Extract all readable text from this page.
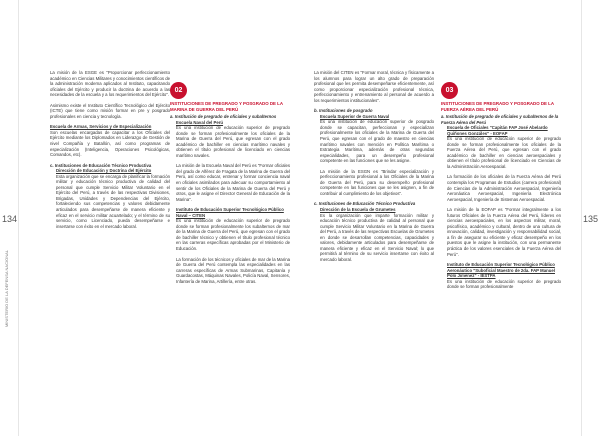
134
MINISTERIO DE LA DEFENSA NACIONAL

La misión de la ESGE es "Proporcionar perfeccionamiento académico en Ciencias Militares y conocimientos científicos de la administración moderna aplicados al Instituto, capacitando oficiales del Ejército y producir la doctrina de acuerdo a las necesidades de la escuela y a los requerimientos del Ejército".

Asimismo existe el Instituto Científico Tecnológico del Ejército (ICTE) que tiene como misión formar en pre y posgrado profesionales en ciencia y tecnología.

Escuela de Armas, Servicios y de Especialización

Son escuelas encargadas de capacitar a los Oficiales del Ejército mediante los Diplomados en Liderazgo de Gestión de nivel Compañía y Batallón, así como programas de especialización (Inteligencia, Operaciones Psicológicas, Comandos, etc).

c. Instituciones de Educación Técnico Productiva
Dirección de Educación y Doctrina del Ejército

Esta organización que se encarga de planificar la formación militar y educación técnico productiva de calidad del personal que cumple Servicio Militar Voluntario en el Ejército del Perú, a través de las respectivas Divisiones, Brigadas, Unidades y Dependencias del Ejército, fortaleciendo sus competencias y valores debidamente articulados para desempeñarse de manera eficiente y eficaz en el servicio militar acuartelado; y el término de su servicio, como Licenciado, pueda desempeñarse e insertarse con éxito en el mercado laboral.

02
INSTITUCIONES DE PREGRADO Y POSGRADO DE LA MARINA DE GUERRA DEL PERÚ
a. Institución de pregrado de oficiales y subalternos
Escuela Naval del Perú

Es una institución de educación superior de pregrado donde se forman profesionalmente los oficiales de la Marina de Guerra del Perú, que egresan con el grado académico de bachiller en ciencias marítimo navales y obtienen el título profesional de licenciado en ciencias marítimo navales.

La misión de la Escuela Naval del Perú es "Formar oficiales del grado de Alférez de Fragata de la Marina de Guerra del Perú, así como educar, entrenar y formar conciencia naval en oficiales asimilados para adecuar su comportamiento al sentir de los Oficiales de la Marina de Guerra del Perú y otros, que le asigne el Director General de Educación de la Marina".

Instituto de Educación Superior Tecnológico Público Naval – CITEN

Es una institución de educación superior de pregrado donde se forman profesionalmente los subalternos de mar de la Marina de Guerra del Perú, que egresan con el grado de bachiller técnico y obtienen el título profesional técnico en las carreras específicas aprobadas por el Ministerio de Educación.

La formación de los técnicos y oficiales de mar de la Marina de Guerra del Perú contempla las especialidades en las carreras específicas de Armas Submarinas, Capitanía y Guardacostas, Máquinas Navales, Policía Naval, Sensores, Infantería de Marina, Artillería, entre otras.

135

La misión del CITEN es "Formar moral, técnica y físicamente a los alumnos para lograr un alto grado de preparación profesional que les permita desempeñarse eficientemente, así como proporcionar especialización profesional técnica, perfeccionamiento y entrenamiento al personal de acuerdo a los requerimientos institucionales".

b. Instituciones de posgrado
Escuela Superior de Guerra Naval

Es una institución de educación superior de posgrado donde se capacitan, perfeccionan y especializan profesionalmente los oficiales de la Marina de Guerra del Perú, que egresan con el grado de maestro en ciencias marítimo navales con mención en Política Marítima o Estrategia Marítima, además de otras segundas especialidades, para un desempeño profesional competente en las funciones que se les asigne.

La misión de la ESGN es "Brindar especialización y perfeccionamiento profesional a los Oficiales de la Marina de Guerra del Perú, para su desempeño profesional competente en las funciones que se les asignen, a fin de contribuir al cumplimiento de los objetivos".

c. Instituciones de Educación Técnico Productiva
Dirección de la Escuela de Grumetes

Es la organización que imparte formación militar y educación técnico productiva de calidad al personal que cumple Servicio Militar Voluntario en la Marina de Guerra del Perú, a través de las respectivas Escuelas de Grumetes en donde se desarrollan competencias, capacidades y valores, debidamente articulados para desempeñarse de manera eficiente y eficaz en el Servicio Naval; lo que permitirá al término de su servicio insertarse con éxito al mercado laboral.

03
INSTITUCIONES DE PREGRADO Y POSGRADO DE LA FUERZA AÉREA DEL PERÚ
a. Institución de pregrado de oficiales y subalternos de la Fuerza Aérea del Perú
Escuela de Oficiales "Capitán FAP José Abelardo Quiñones Gonzáles" - EOFAP

Es una institución de educación superior de pregrado donde se forman profesionalmente los oficiales de la Fuerza Aérea del Perú, que egresan con el grado académico de bachiller en ciencias aeroespaciales y obtienen el título profesional de licenciado en Ciencias de la Administración Aeroespacial.

La formación de los oficiales de la Fuerza Aérea del Perú contempla los Programas de Estudios (carrera profesional) de Ciencias de la Administración Aeroespacial, Ingeniería Aeronáutica Aeroespacial, Ingeniería Electrónica Aeroespacial, Ingeniería de Sistemas Aeroespacial.

La misión de la EOFAP es "Formar integralmente a los futuros Oficiales de la Fuerza Aérea del Perú, líderes en ciencias aeroespaciales, en los aspectos militar, moral, psicofísico, académico y cultural, dentro de una cultura de innovación, calidad, investigación y responsabilidad social, a fin de asegurar su eficiente y eficaz desempeño en los puestos que le asigne la institución, con una permanente práctica de los valores esenciales de la Fuerza Aérea del Perú".

Instituto de Educación Superior Tecnológico Público Aeronáutico "Suboficial Maestro de 2da. FAP Manuel Polo Jiménez" - IESTPA

Es una institución de educación superior de pregrado donde se forman profesionalmente
